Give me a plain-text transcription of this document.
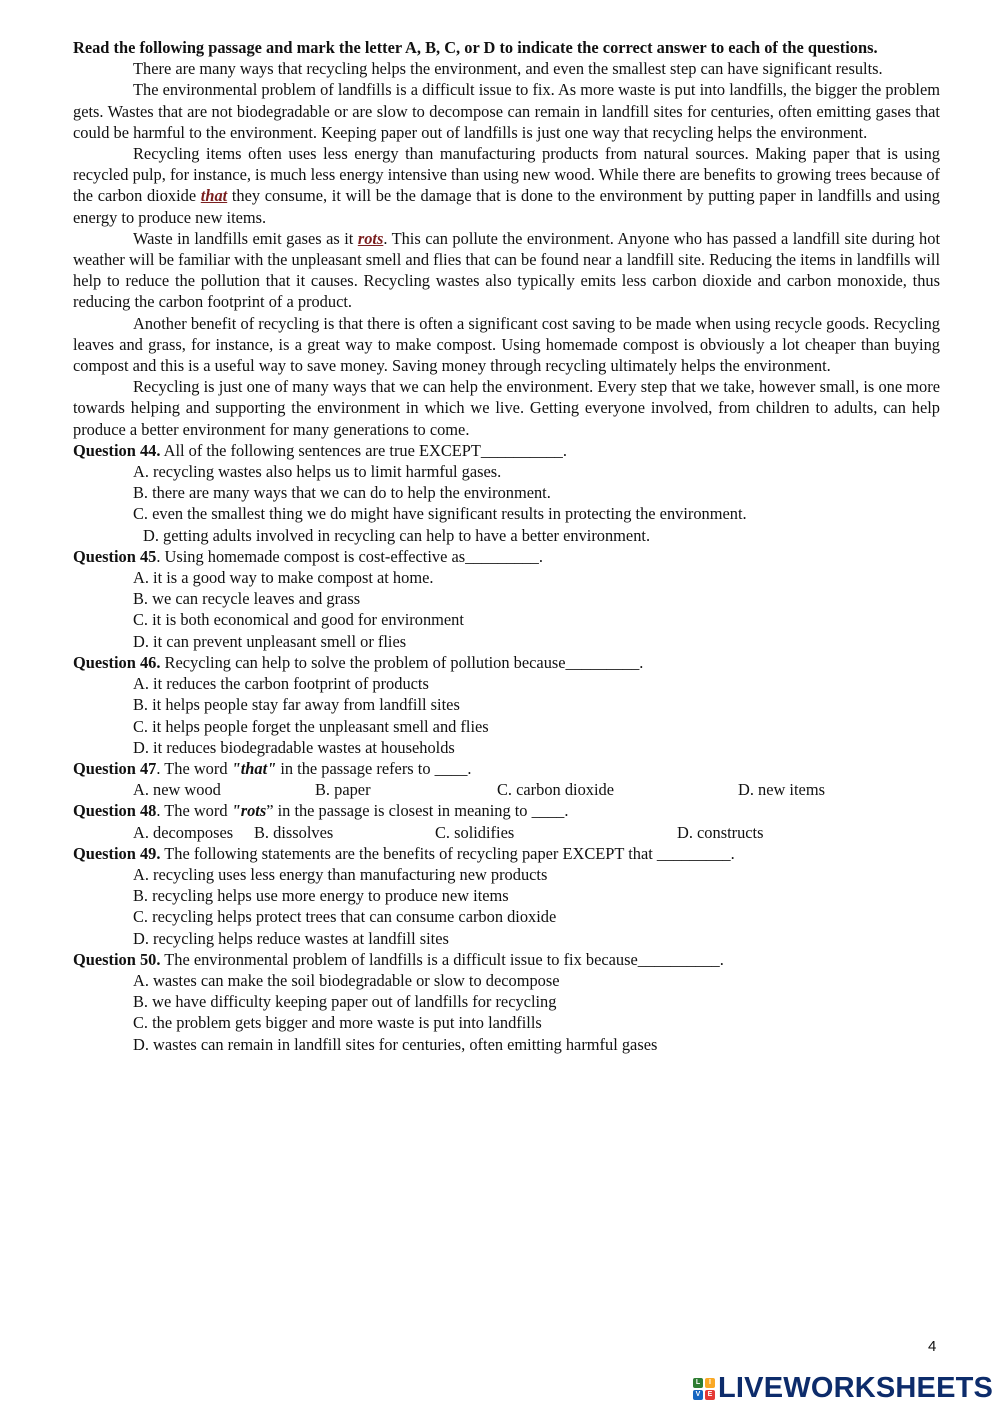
Read the following passage and mark the letter A, B, C, or D to indicate the correct answer to each of the questions.

There are many ways that recycling helps the environment, and even the smallest step can have significant results.

The environmental problem of landfills is a difficult issue to fix. As more waste is put into landfills, the bigger the problem gets. Wastes that are not biodegradable or are slow to decompose can remain in landfill sites for centuries, often emitting gases that could be harmful to the environment. Keeping paper out of landfills is just one way that recycling helps the environment.

Recycling items often uses less energy than manufacturing products from natural sources. Making paper that is using recycled pulp, for instance, is much less energy intensive than using new wood. While there are benefits to growing trees because of the carbon dioxide that they consume, it will be the damage that is done to the environment by putting paper in landfills and using energy to produce new items.

Waste in landfills emit gases as it rots. This can pollute the environment. Anyone who has passed a landfill site during hot weather will be familiar with the unpleasant smell and flies that can be found near a landfill site. Reducing the items in landfills will help to reduce the pollution that it causes. Recycling wastes also typically emits less carbon dioxide and carbon monoxide, thus reducing the carbon footprint of a product.

Another benefit of recycling is that there is often a significant cost saving to be made when using recycle goods. Recycling leaves and grass, for instance, is a great way to make compost. Using homemade compost is obviously a lot cheaper than buying compost and this is a useful way to save money. Saving money through recycling ultimately helps the environment.

Recycling is just one of many ways that we can help the environment. Every step that we take, however small, is one more towards helping and supporting the environment in which we live. Getting everyone involved, from children to adults, can help produce a better environment for many generations to come.

Question 44. All of the following sentences are true EXCEPT__________.

A. recycling wastes also helps us to limit harmful gases.

B. there are many ways that we can do to help the environment.

C. even the smallest thing we do might have significant results in protecting the environment.

D. getting adults involved in recycling can help to have a better environment.

Question 45. Using homemade compost is cost-effective as_________.

A. it is a good way to make compost at home.

B. we can recycle leaves and grass

C. it is both economical and good for environment

D. it can prevent unpleasant smell or flies

Question 46. Recycling can help to solve the problem of pollution because_________.

A. it reduces the carbon footprint of products

B. it helps people stay far away from landfill sites

C. it helps people forget the unpleasant smell and flies

D. it reduces biodegradable wastes at households

Question 47. The word "that" in the passage refers to ____.

A. new wood	B. paper	C. carbon dioxide	D. new items

Question 48. The word "rots” in the passage is closest in meaning to ____.

A. decomposes B. dissolves	C. solidifies	D. constructs

Question 49. The following statements are the benefits of recycling paper EXCEPT that _________.

A. recycling uses less energy than manufacturing new products

B. recycling helps use more energy to produce new items

C. recycling helps protect trees that can consume carbon dioxide

D. recycling helps reduce wastes at landfill sites

Question 50. The environmental problem of landfills is a difficult issue to fix because__________.

A. wastes can make the soil biodegradable or slow to decompose

B. we have difficulty keeping paper out of landfills for recycling

C. the problem gets bigger and more waste is put into landfills

D. wastes can remain in landfill sites for centuries, often emitting harmful gases

4
L	I
V	E LIVEWORKSHEETS
